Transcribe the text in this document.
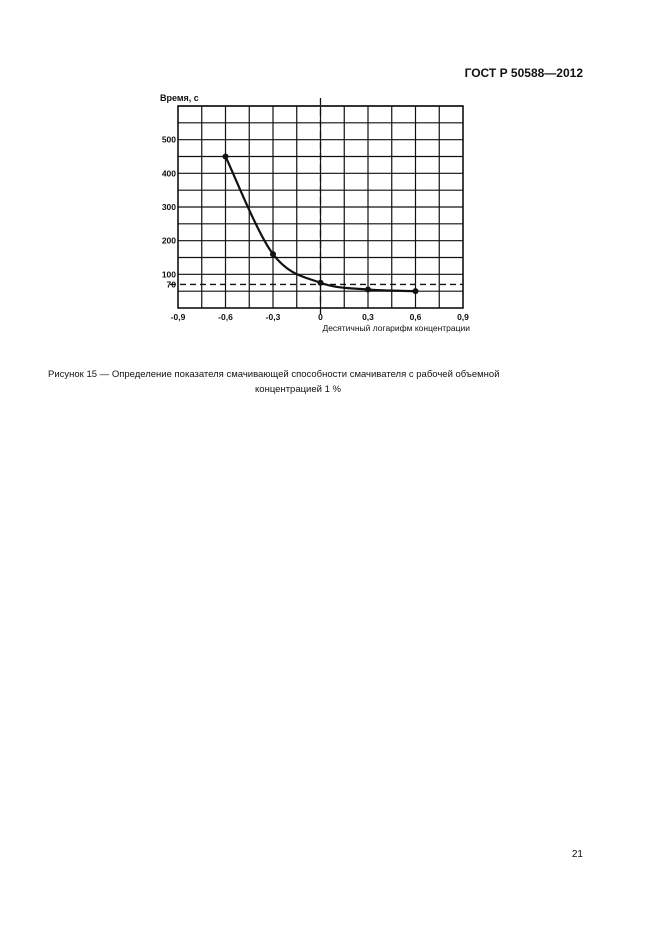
ГОСТ Р 50588—2012
-0,9	-0,6	-0,3	0	0,3	0,6	0,9
70
100
200
300
400
500
Время, с
Десятичный логарифм концентрации
Рисунок 15 — Определение показателя смачивающей способности смачивателя с рабочей объемной
концентрацией 1 %
21
